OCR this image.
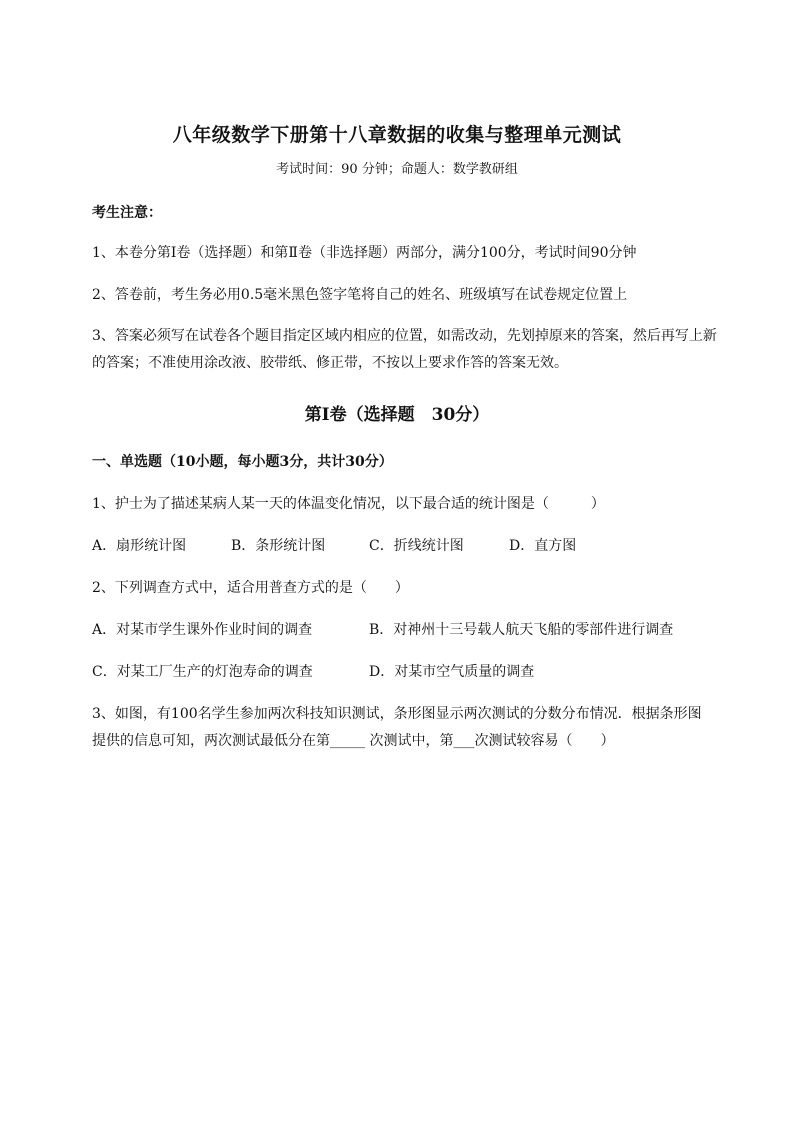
八年级数学下册第十八章数据的收集与整理单元测试
考试时间：90 分钟；命题人：数学教研组
考生注意：
1、本卷分第Ⅰ卷（选择题）和第Ⅱ卷（非选择题）两部分，满分100分，考试时间90分钟
2、答卷前，考生务必用0.5毫米黑色签字笔将自己的姓名、班级填写在试卷规定位置上
3、答案必须写在试卷各个题目指定区域内相应的位置，如需改动，先划掉原来的答案，然后再写上新
的答案；不准使用涂改液、胶带纸、修正带，不按以上要求作答的答案无效。
第Ⅰ卷（选择题　30分）
一、单选题（10小题，每小题3分，共计30分）
1、护士为了描述某病人某一天的体温变化情况，以下最合适的统计图是（　　　）
A．扇形统计图	B．条形统计图	C．折线统计图	D．直方图
2、下列调查方式中，适合用普查方式的是（　　）
A．对某市学生课外作业时间的调查	B．对神州十三号载人航天飞船的零部件进行调查
C．对某工厂生产的灯泡寿命的调查	D．对某市空气质量的调查
3、如图，有100名学生参加两次科技知识测试，条形图显示两次测试的分数分布情况．根据条形图
提供的信息可知，两次测试最低分在第_____ 次测试中，第___次测试较容易（　　）
